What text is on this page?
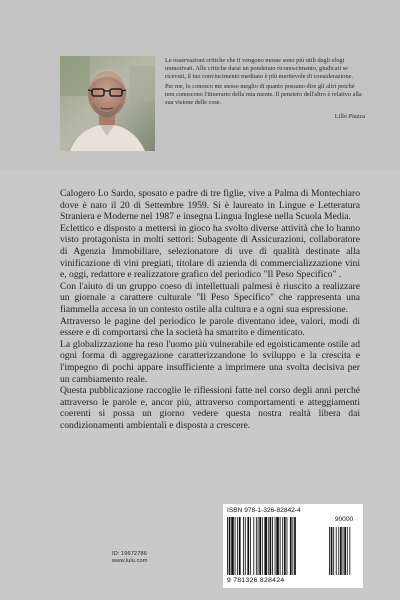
Le osservazioni critiche che ti vengono mosse sono più utili degli elogi immotivati. Alle critiche darai un ponderato riconoscimento, giudicati se ricevuti, il tuo convincimento meditato è più meritevole di considerazione.

Per me, lo conosco me stesso meglio di quanto possano dire gli altri poiché non conoscono l'itinerario della mia mente. Il pensiero dell'altro è relativo alla sua visione delle cose.

Lillo Piazza

Calogero Lo Sardo, sposato e padre di tre figlie, vive a Palma di Montechiaro dove è nato il 20 di Settembre 1959. Si è laureato in Lingue e Letteratura Straniera e Moderne nel 1987 e insegna Lingua Inglese nella Scuola Media.

Eclettico e disposto a mettersi in gioco ha svolto diverse attività che lo hanno visto protagonista in molti settori: Subagente di Assicurazioni, collaboratore di Agenzia Immobiliare, selezionatore di uve di qualità destinate alla vinificazione di vini pregiati, titolare di azienda di commercializzazione vini e, oggi, redattore e realizzatore grafico del periodico "Il Peso Specifico" .

Con l'aiuto di un gruppo coeso di intellettuali palmesi è riuscito a realizzare un giornale a carattere culturale "Il Peso Specifico" che rappresenta una fiammella accesa in un contesto ostile alla cultura e a ogni sua espressione.

Attraverso le pagine del periodico le parole diventano idee, valori, modi di essere e di comportarsi che la società ha smarrito e dimenticato.

La globalizzazione ha reso l'uomo più vulnerabile ed egoisticamente ostile ad ogni forma di aggregazione caratterizzandone lo sviluppo e la crescita e l'impegno di pochi appare insufficiente a imprimere una svolta decisiva per un cambiamento reale.

Questa pubblicazione raccoglie le riflessioni fatte nel corso degli anni perché attraverso le parole e, ancor più, attraverso comportamenti e atteggiamenti coerenti si possa un giorno vedere questa nostra realtà libera dai condizionamenti ambientali e disposta a crescere.

ID: 19672786
www.lulu.com
ISBN 978-1-326-82842-4
90000
9 781326 828424
